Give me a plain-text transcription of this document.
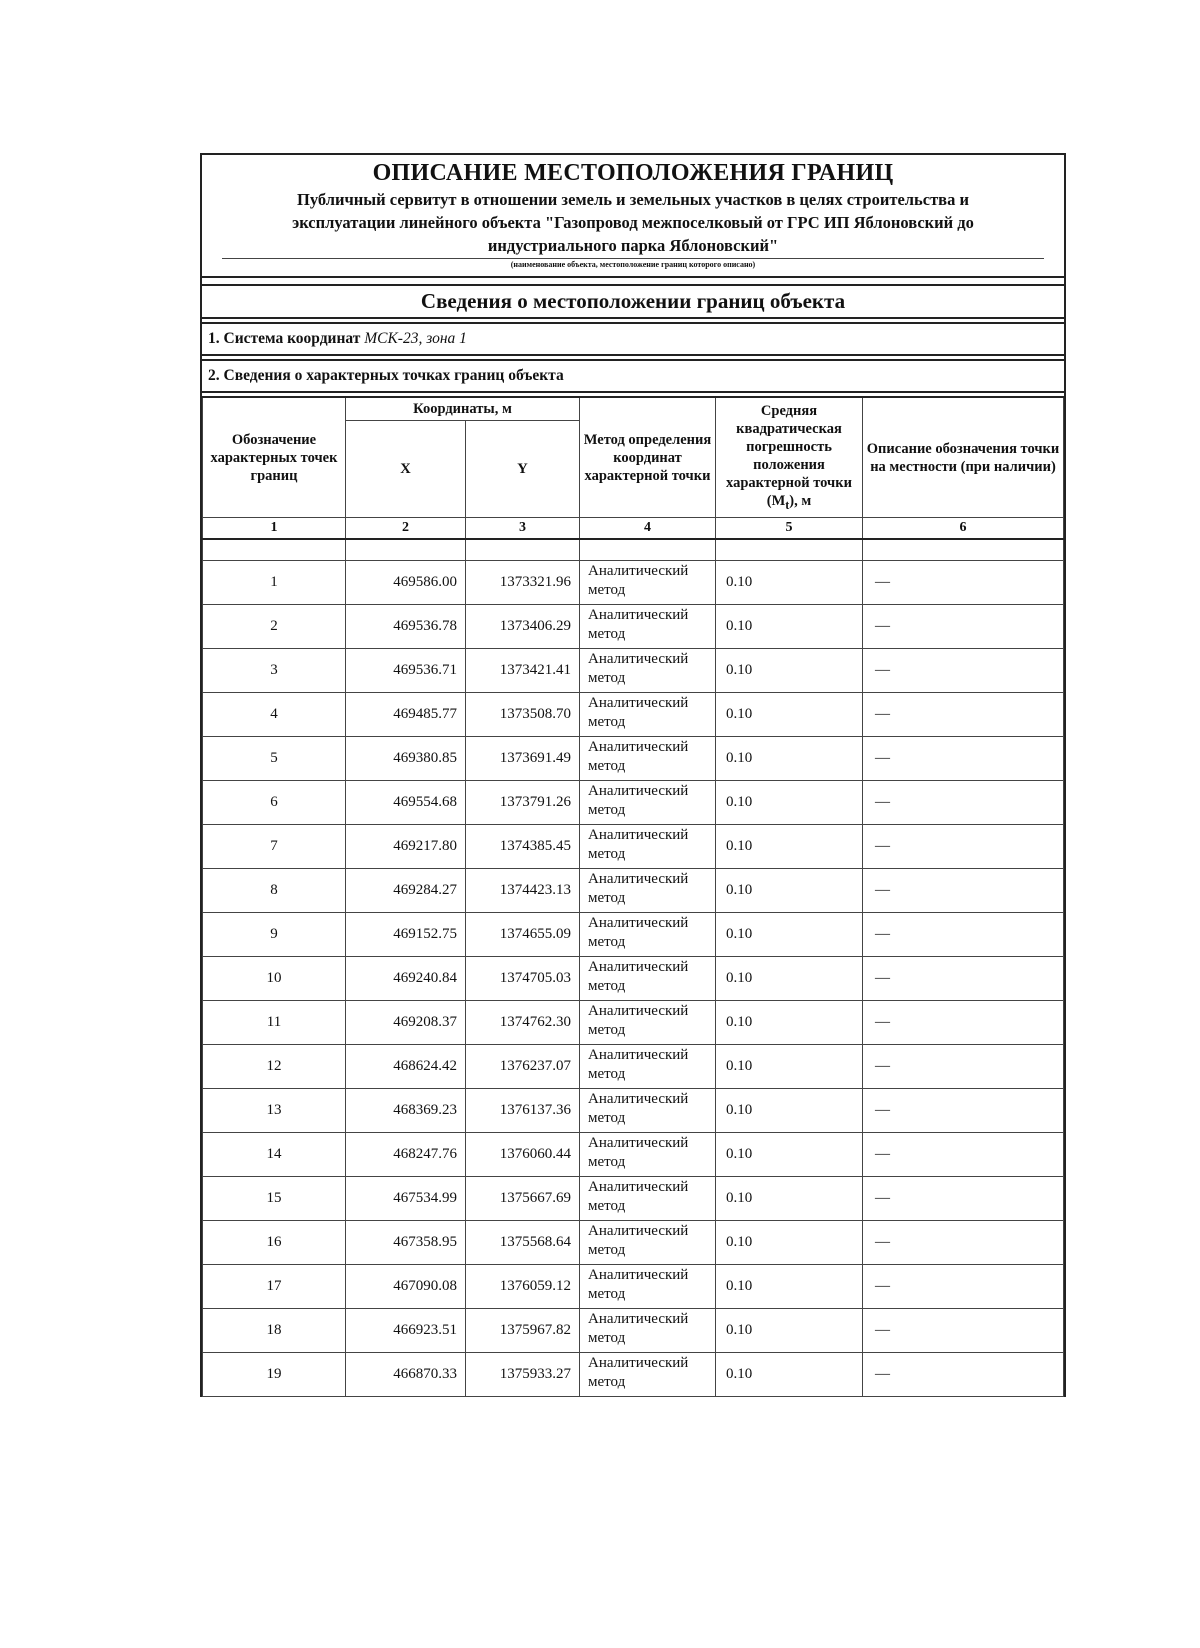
ОПИСАНИЕ МЕСТОПОЛОЖЕНИЯ ГРАНИЦ
Публичный сервитут в отношении земель и земельных участков в целях строительства и
эксплуатации линейного объекта "Газопровод межпоселковый от ГРС ИП Яблоновский до
индустриального парка Яблоновский"
(наименование объекта, местоположение границ которого описано)
Сведения о местоположении границ объекта
1. Система координат МСК-23, зона 1
2. Сведения о характерных точках границ объекта
Обозначение характерных точек границ	Координаты, м		Метод определения координат характерной точки	Средняя квадратическая погрешность положения характерной точки $(M_t)$, м	Описание обозначения точки на местности (при наличии)
	X	Y			
1	2	3	4	5	6

1	469586.00	1373321.96	Аналитический метод	0.10	—
2	469536.78	1373406.29	Аналитический метод	0.10	—
3	469536.71	1373421.41	Аналитический метод	0.10	—
4	469485.77	1373508.70	Аналитический метод	0.10	—
5	469380.85	1373691.49	Аналитический метод	0.10	—
6	469554.68	1373791.26	Аналитический метод	0.10	—
7	469217.80	1374385.45	Аналитический метод	0.10	—
8	469284.27	1374423.13	Аналитический метод	0.10	—
9	469152.75	1374655.09	Аналитический метод	0.10	—
10	469240.84	1374705.03	Аналитический метод	0.10	—
11	469208.37	1374762.30	Аналитический метод	0.10	—
12	468624.42	1376237.07	Аналитический метод	0.10	—
13	468369.23	1376137.36	Аналитический метод	0.10	—
14	468247.76	1376060.44	Аналитический метод	0.10	—
15	467534.99	1375667.69	Аналитический метод	0.10	—
16	467358.95	1375568.64	Аналитический метод	0.10	—
17	467090.08	1376059.12	Аналитический метод	0.10	—
18	466923.51	1375967.82	Аналитический метод	0.10	—
19	466870.33	1375933.27	Аналитический метод	0.10	—
